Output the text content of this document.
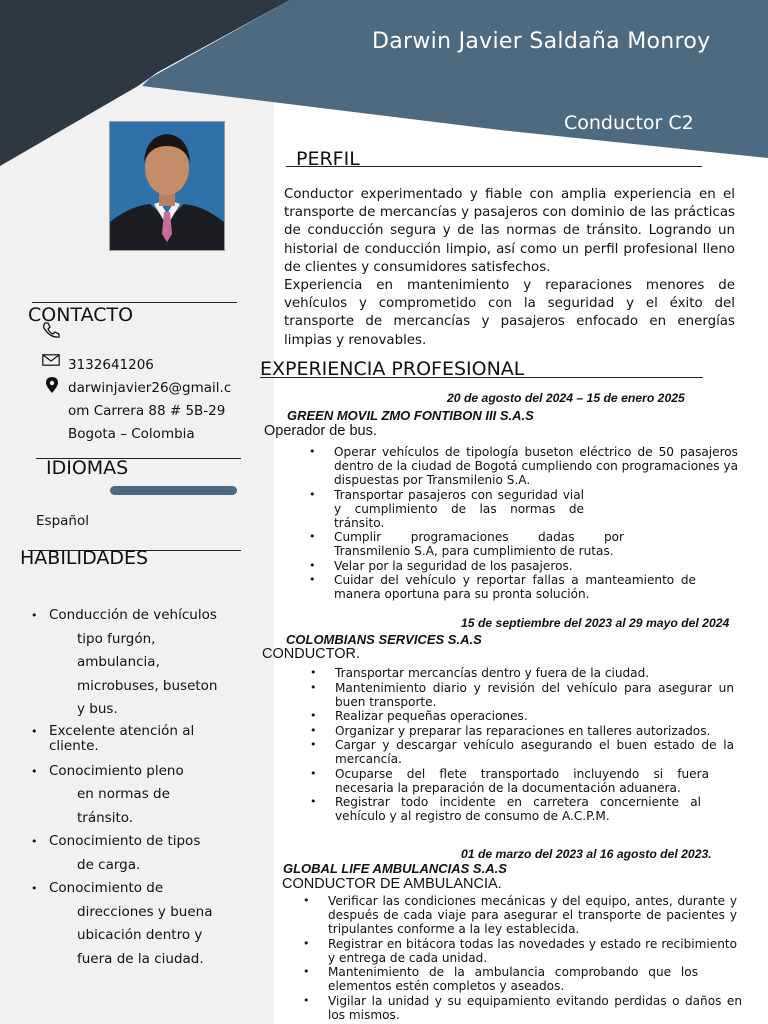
Darwin Javier Saldaña Monroy
Conductor C2
CONTACTO
3132641206
darwinjavier26@gmail.c
om Carrera 88 # 5B-29
Bogota – Colombia
IDIOMAS
Español
HABILIDADES
• Conducción de vehículos
tipo furgón,
ambulancia,
microbuses, buseton
y bus.
• Excelente atención al
cliente.
• Conocimiento pleno
en normas de
tránsito.
• Conocimiento de tipos
de carga.
• Conocimiento de
direcciones y buena
ubicación dentro y
fuera de la ciudad.
PERFIL

Conductor experimentado y fiable con amplia experiencia en el transporte de mercancías y pasajeros con dominio de las prácticas de conducción segura y de las normas de tránsito. Logrando un historial de conducción limpio, así como un perfil profesional lleno de clientes y consumidores satisfechos.

Experiencia en mantenimiento y reparaciones menores de vehículos y comprometido con la seguridad y el éxito del transporte de mercancías y pasajeros enfocado en energías limpias y renovables.

EXPERIENCIA PROFESIONAL
20 de agosto del 2024 – 15 de enero 2025
GREEN MOVIL ZMO FONTIBON III S.A.S
Operador de bus.
• Operar vehículos de tipología buseton eléctrico de 50 pasajeros dentro de la ciudad de Bogotá cumpliendo con programaciones ya dispuestas por Transmilenio S.A.
• Transportar pasajeros con seguridad vial y cumplimiento de las normas de tránsito.
• Cumplir programaciones dadas por Transmilenio S.A, para cumplimiento de rutas.
• Velar por la seguridad de los pasajeros.
• Cuidar del vehículo y reportar fallas a manteamiento de manera oportuna para su pronta solución.
15 de septiembre del 2023 al 29 mayo del 2024
COLOMBIANS SERVICES S.A.S
CONDUCTOR.
• Transportar mercancías dentro y fuera de la ciudad.
• Mantenimiento diario y revisión del vehículo para asegurar un buen transporte.
• Realizar pequeñas operaciones.
• Organizar y preparar las reparaciones en talleres autorizados.
• Cargar y descargar vehículo asegurando el buen estado de la mercancía.
• Ocuparse del flete transportado incluyendo si fuera necesaria la preparación de la documentación aduanera.
• Registrar todo incidente en carretera concerniente al vehículo y al registro de consumo de A.C.P.M.
01 de marzo del 2023 al 16 agosto del 2023.
GLOBAL LIFE AMBULANCIAS S.A.S
CONDUCTOR DE AMBULANCIA.
• Verificar las condiciones mecánicas y del equipo, antes, durante y después de cada viaje para asegurar el transporte de pacientes y tripulantes conforme a la ley establecida.
• Registrar en bitácora todas las novedades y estado re recibimiento y entrega de cada unidad.
• Mantenimiento de la ambulancia comprobando que los elementos estén completos y aseados.
• Vigilar la unidad y su equipamiento evitando perdidas o daños en los mismos.
